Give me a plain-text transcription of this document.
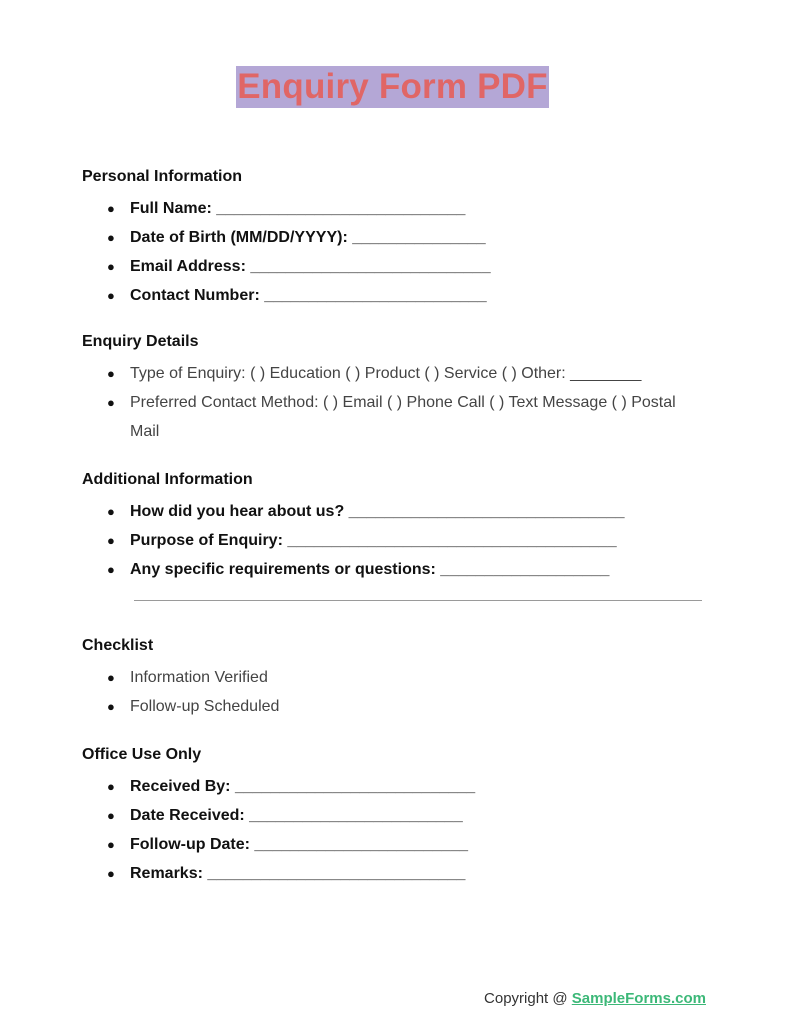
Enquiry Form PDF

Personal Information

● Full Name: ____________________________
● Date of Birth (MM/DD/YYYY): _______________
● Email Address: ___________________________
● Contact Number: _________________________

Enquiry Details

● Type of Enquiry: ( ) Education ( ) Product ( ) Service ( ) Other: ________
● Preferred Contact Method: ( ) Email ( ) Phone Call ( ) Text Message ( ) Postal Mail

Additional Information

● How did you hear about us? _______________________________
● Purpose of Enquiry: _____________________________________
● Any specific requirements or questions: ___________________

Checklist

● Information Verified
● Follow-up Scheduled

Office Use Only

● Received By: ___________________________
● Date Received: ________________________
● Follow-up Date: ________________________
● Remarks: _____________________________
Copyright @ SampleForms.com
